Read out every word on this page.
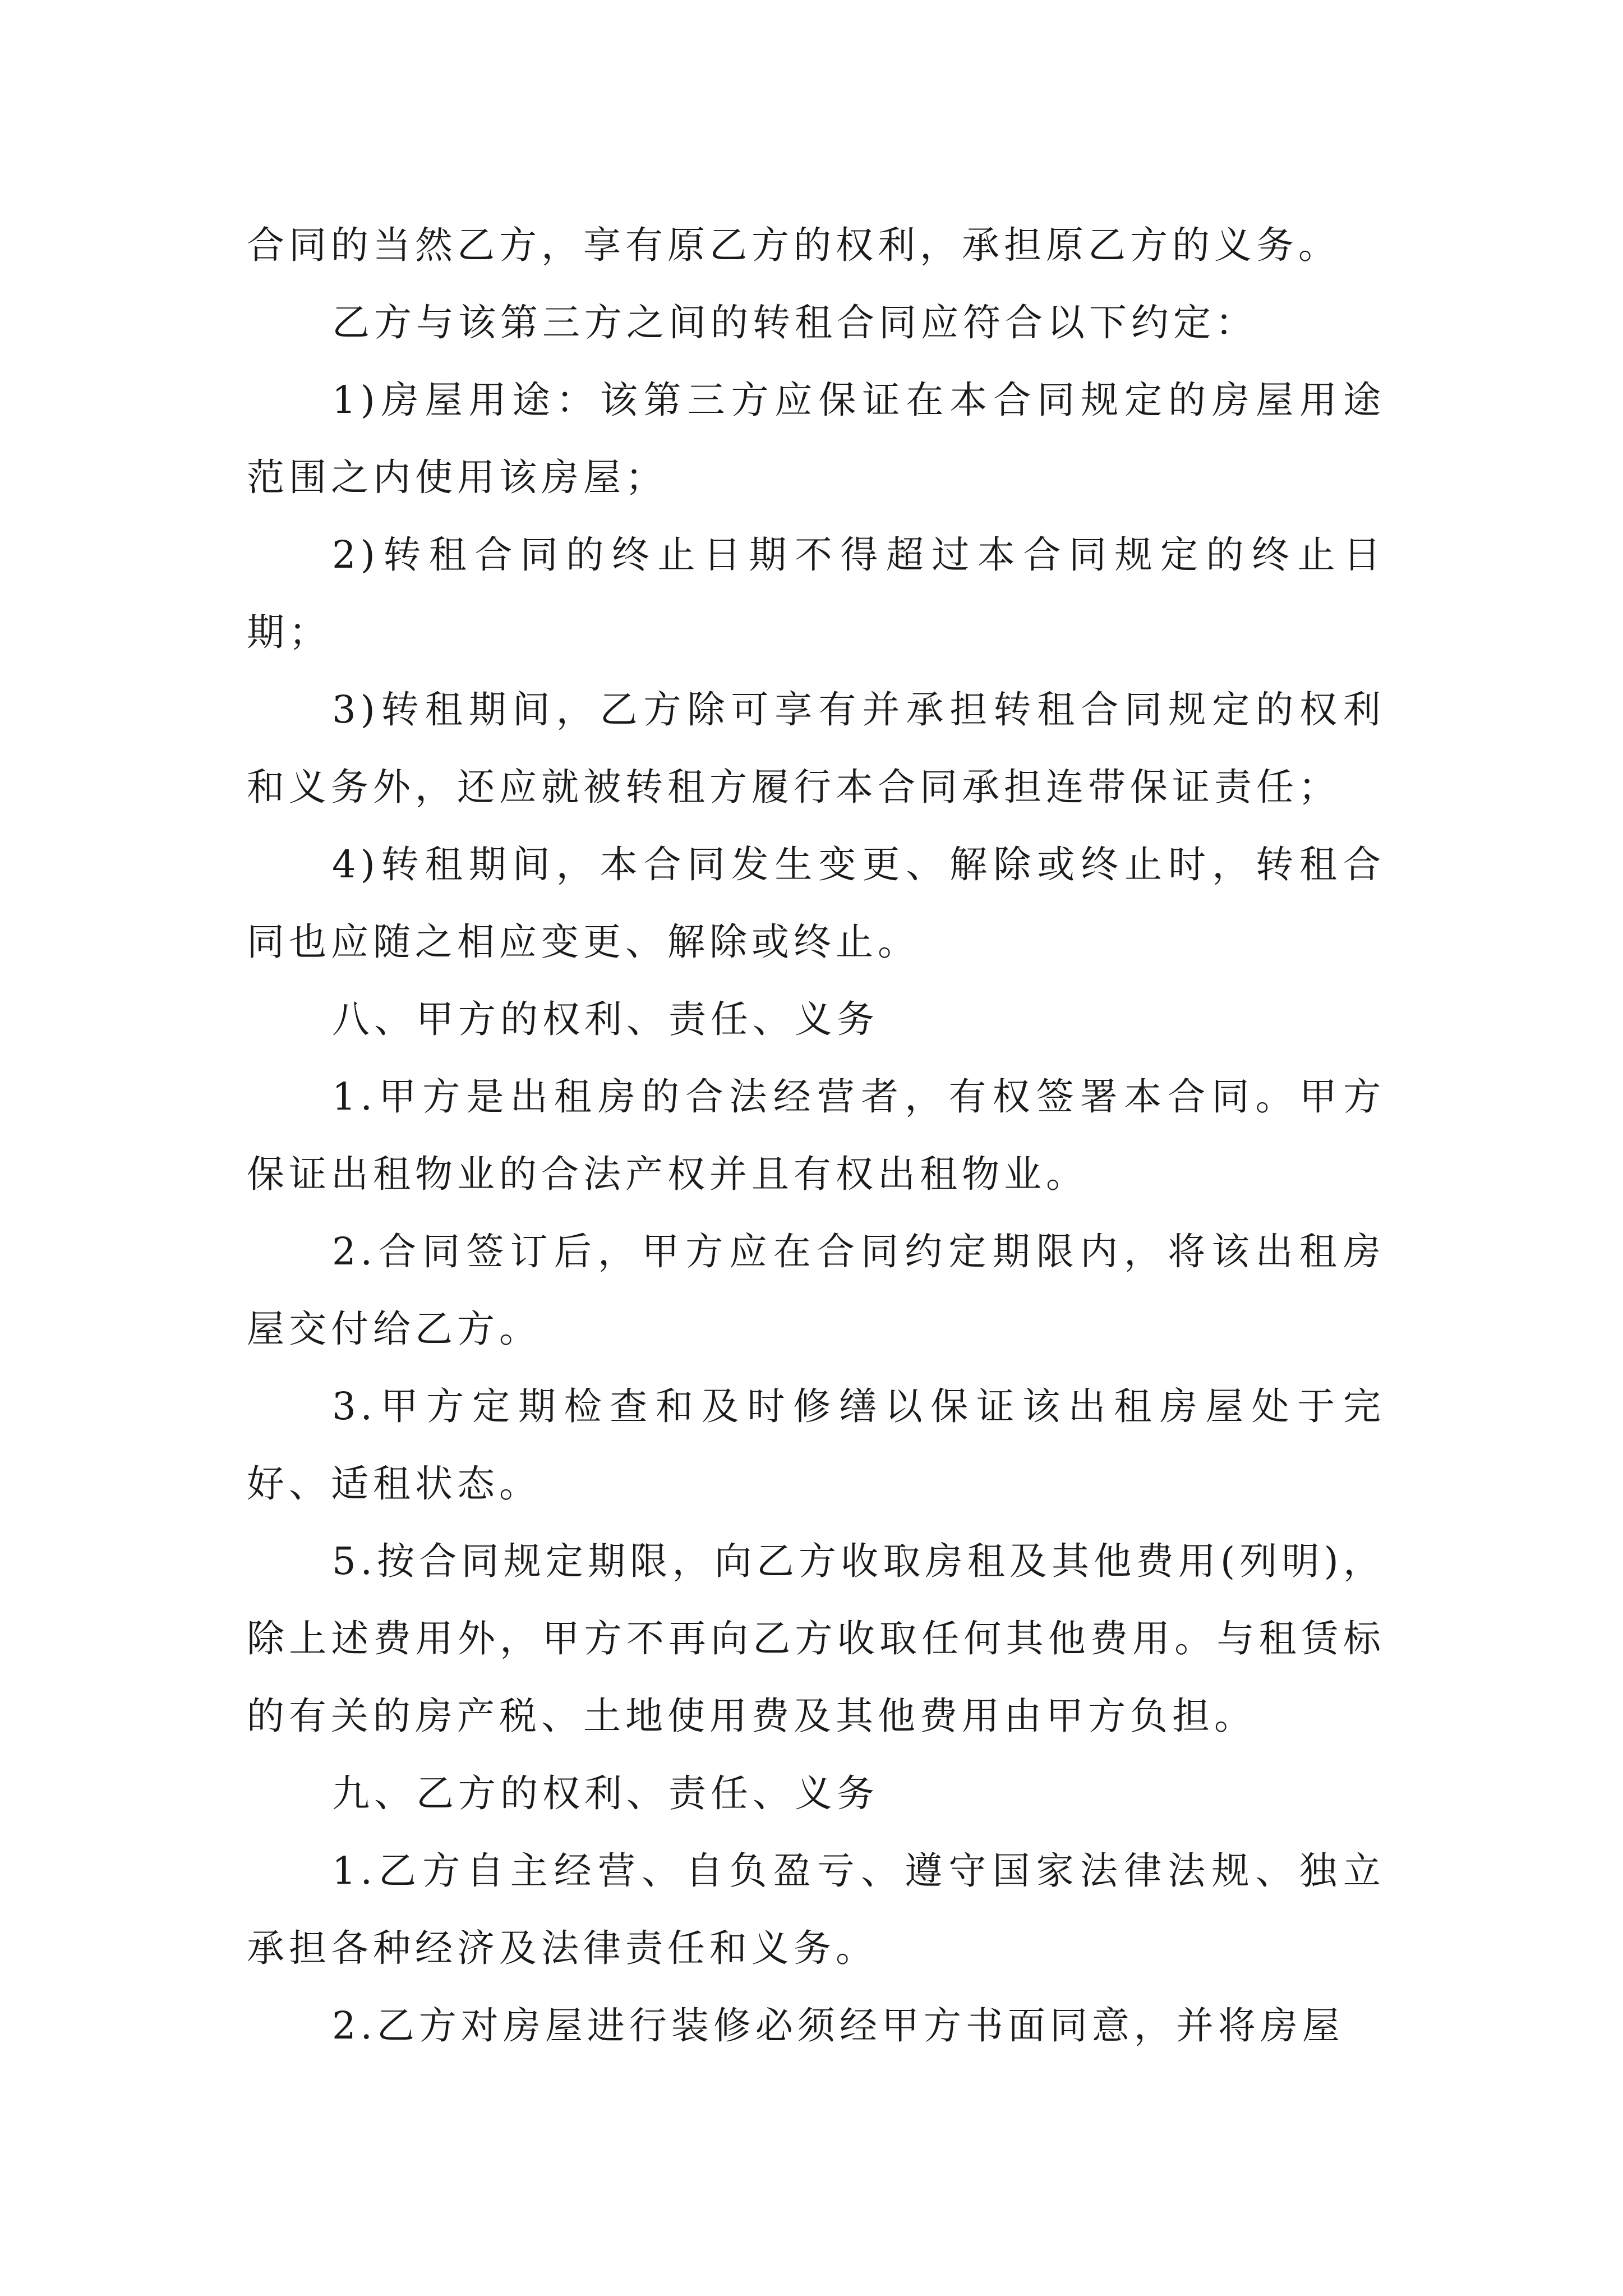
合同的当然乙方，享有原乙方的权利，承担原乙方的义务。

乙方与该第三方之间的转租合同应符合以下约定：

1)房屋用途：该第三方应保证在本合同规定的房屋用途范围之内使用该房屋；

2)转租合同的终止日期不得超过本合同规定的终止日期；

3)转租期间，乙方除可享有并承担转租合同规定的权利和义务外，还应就被转租方履行本合同承担连带保证责任；

4)转租期间，本合同发生变更、解除或终止时，转租合同也应随之相应变更、解除或终止。

八、甲方的权利、责任、义务

1.甲方是出租房的合法经营者，有权签署本合同。甲方保证出租物业的合法产权并且有权出租物业。

2.合同签订后，甲方应在合同约定期限内，将该出租房屋交付给乙方。

3.甲方定期检查和及时修缮以保证该出租房屋处于完好、适租状态。

5.按合同规定期限，向乙方收取房租及其他费用(列明)，除上述费用外，甲方不再向乙方收取任何其他费用。与租赁标的有关的房产税、土地使用费及其他费用由甲方负担。

九、乙方的权利、责任、义务

1.乙方自主经营、自负盈亏、遵守国家法律法规、独立承担各种经济及法律责任和义务。

2.乙方对房屋进行装修必须经甲方书面同意，并将房屋
